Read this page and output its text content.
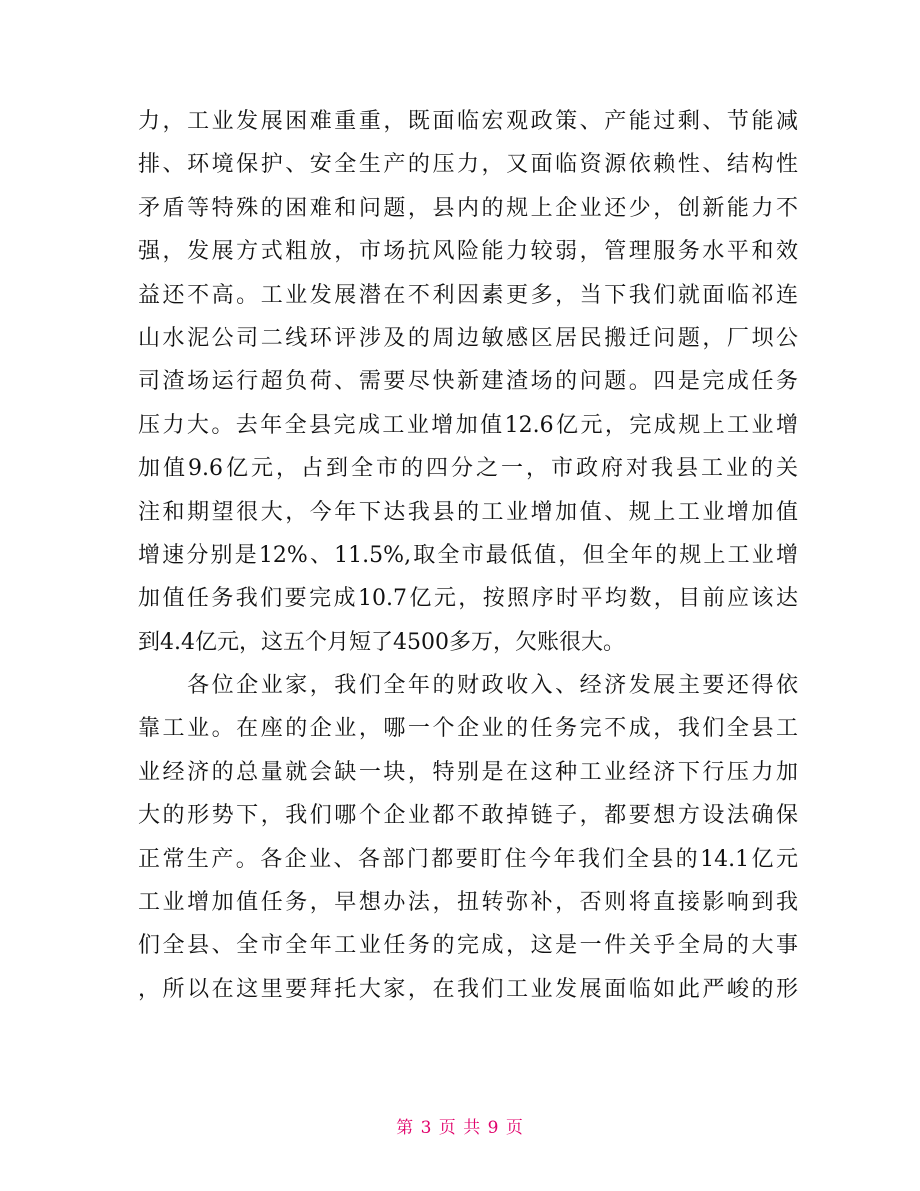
力，工业发展困难重重，既面临宏观政策、产能过剩、节能减
排、环境保护、安全生产的压力，又面临资源依赖性、结构性
矛盾等特殊的困难和问题，县内的规上企业还少，创新能力不
强，发展方式粗放，市场抗风险能力较弱，管理服务水平和效
益还不高。工业发展潜在不利因素更多，当下我们就面临祁连
山水泥公司二线环评涉及的周边敏感区居民搬迁问题，厂坝公
司渣场运行超负荷、需要尽快新建渣场的问题。四是完成任务
压力大。去年全县完成工业增加值12.6亿元，完成规上工业增
加值9.6亿元，占到全市的四分之一，市政府对我县工业的关
注和期望很大，今年下达我县的工业增加值、规上工业增加值
增速分别是12%、11.5%,取全市最低值，但全年的规上工业增
加值任务我们要完成10.7亿元，按照序时平均数，目前应该达
到4.4亿元，这五个月短了4500多万，欠账很大。
　　各位企业家，我们全年的财政收入、经济发展主要还得依
靠工业。在座的企业，哪一个企业的任务完不成，我们全县工
业经济的总量就会缺一块，特别是在这种工业经济下行压力加
大的形势下，我们哪个企业都不敢掉链子，都要想方设法确保
正常生产。各企业、各部门都要盯住今年我们全县的14.1亿元
工业增加值任务，早想办法，扭转弥补，否则将直接影响到我
们全县、全市全年工业任务的完成，这是一件关乎全局的大事
，所以在这里要拜托大家，在我们工业发展面临如此严峻的形
第 3 页 共 9 页
